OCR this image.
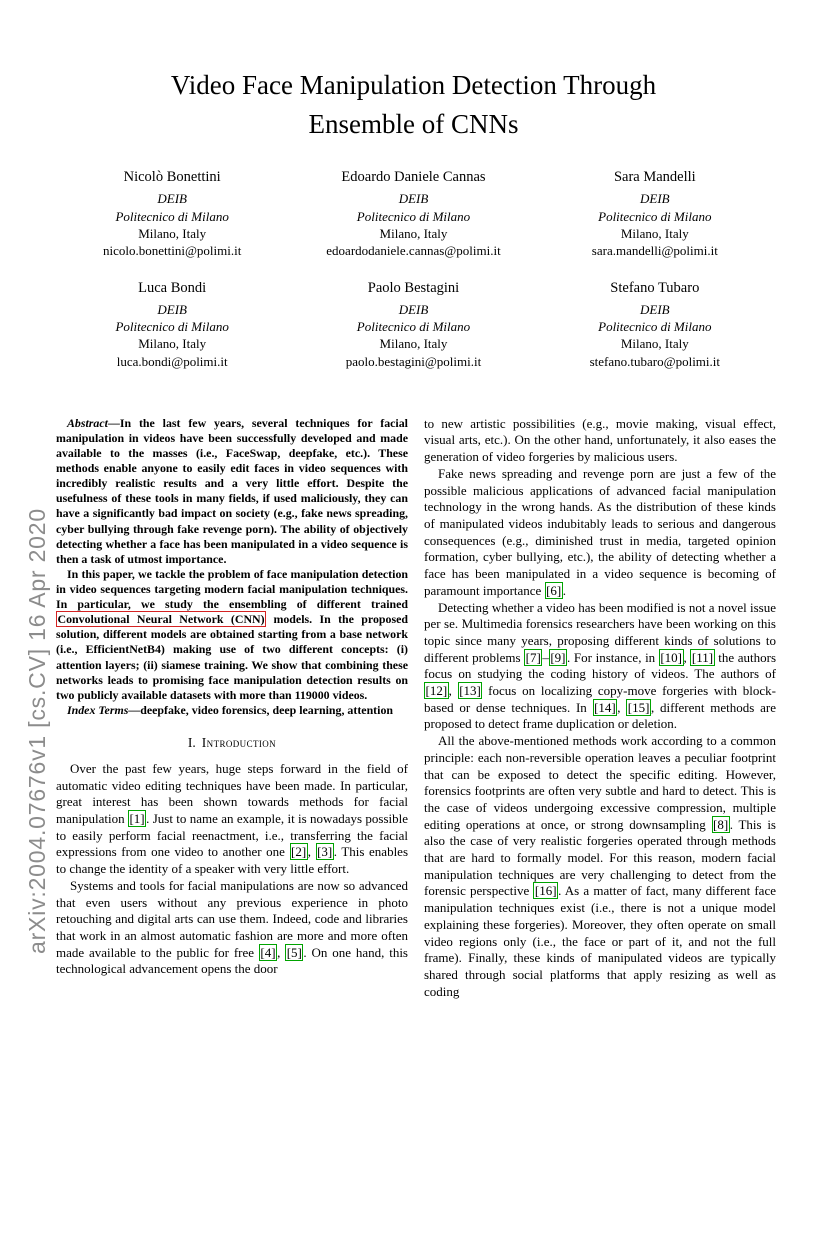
arXiv:2004.07676v1 [cs.CV] 16 Apr 2020
Video Face Manipulation Detection Through
Ensemble of CNNs
Nicolò Bonettini
DEIB
Politecnico di Milano
Milano, Italy
nicolo.bonettini@polimi.it
Edoardo Daniele Cannas
DEIB
Politecnico di Milano
Milano, Italy
edoardodaniele.cannas@polimi.it
Sara Mandelli
DEIB
Politecnico di Milano
Milano, Italy
sara.mandelli@polimi.it
Luca Bondi
DEIB
Politecnico di Milano
Milano, Italy
luca.bondi@polimi.it
Paolo Bestagini
DEIB
Politecnico di Milano
Milano, Italy
paolo.bestagini@polimi.it
Stefano Tubaro
DEIB
Politecnico di Milano
Milano, Italy
stefano.tubaro@polimi.it

Abstract—In the last few years, several techniques for facial manipulation in videos have been successfully developed and made available to the masses (i.e., FaceSwap, deepfake, etc.). These methods enable anyone to easily edit faces in video sequences with incredibly realistic results and a very little effort. Despite the usefulness of these tools in many fields, if used maliciously, they can have a significantly bad impact on society (e.g., fake news spreading, cyber bullying through fake revenge porn). The ability of objectively detecting whether a face has been manipulated in a video sequence is then a task of utmost importance.

In this paper, we tackle the problem of face manipulation detection in video sequences targeting modern facial manipulation techniques. In particular, we study the ensembling of different trained Convolutional Neural Network (CNN) models. In the proposed solution, different models are obtained starting from a base network (i.e., EfficientNetB4) making use of two different concepts: (i) attention layers; (ii) siamese training. We show that combining these networks leads to promising face manipulation detection results on two publicly available datasets with more than 119000 videos.

Index Terms—deepfake, video forensics, deep learning, attention

I. Introduction

Over the past few years, huge steps forward in the field of automatic video editing techniques have been made. In particular, great interest has been shown towards methods for facial manipulation [1] . Just to name an example, it is nowadays possible to easily perform facial reenactment, i.e., transferring the facial expressions from one video to another one [2] , [3] . This enables to change the identity of a speaker with very little effort.

Systems and tools for facial manipulations are now so advanced that even users without any previous experience in photo retouching and digital arts can use them. Indeed, code and libraries that work in an almost automatic fashion are more and more often made available to the public for free [4] , [5] . On one hand, this technological advancement opens the door

to new artistic possibilities (e.g., movie making, visual effect, visual arts, etc.). On the other hand, unfortunately, it also eases the generation of video forgeries by malicious users.

Fake news spreading and revenge porn are just a few of the possible malicious applications of advanced facial manipulation technology in the wrong hands. As the distribution of these kinds of manipulated videos indubitably leads to serious and dangerous consequences (e.g., diminished trust in media, targeted opinion formation, cyber bullying, etc.), the ability of detecting whether a face has been manipulated in a video sequence is becoming of paramount importance [6] .

Detecting whether a video has been modified is not a novel issue per se. Multimedia forensics researchers have been working on this topic since many years, proposing different kinds of solutions to different problems [7] – [9] . For instance, in [10] , [11] the authors focus on studying the coding history of videos. The authors of [12] , [13] focus on localizing copy-move forgeries with block-based or dense techniques. In [14] , [15] , different methods are proposed to detect frame duplication or deletion.

All the above-mentioned methods work according to a common principle: each non-reversible operation leaves a peculiar footprint that can be exposed to detect the specific editing. However, forensics footprints are often very subtle and hard to detect. This is the case of videos undergoing excessive compression, multiple editing operations at once, or strong downsampling [8] . This is also the case of very realistic forgeries operated through methods that are hard to formally model. For this reason, modern facial manipulation techniques are very challenging to detect from the forensic perspective [16] . As a matter of fact, many different face manipulation techniques exist (i.e., there is not a unique model explaining these forgeries). Moreover, they often operate on small video regions only (i.e., the face or part of it, and not the full frame). Finally, these kinds of manipulated videos are typically shared through social platforms that apply resizing as well as coding
